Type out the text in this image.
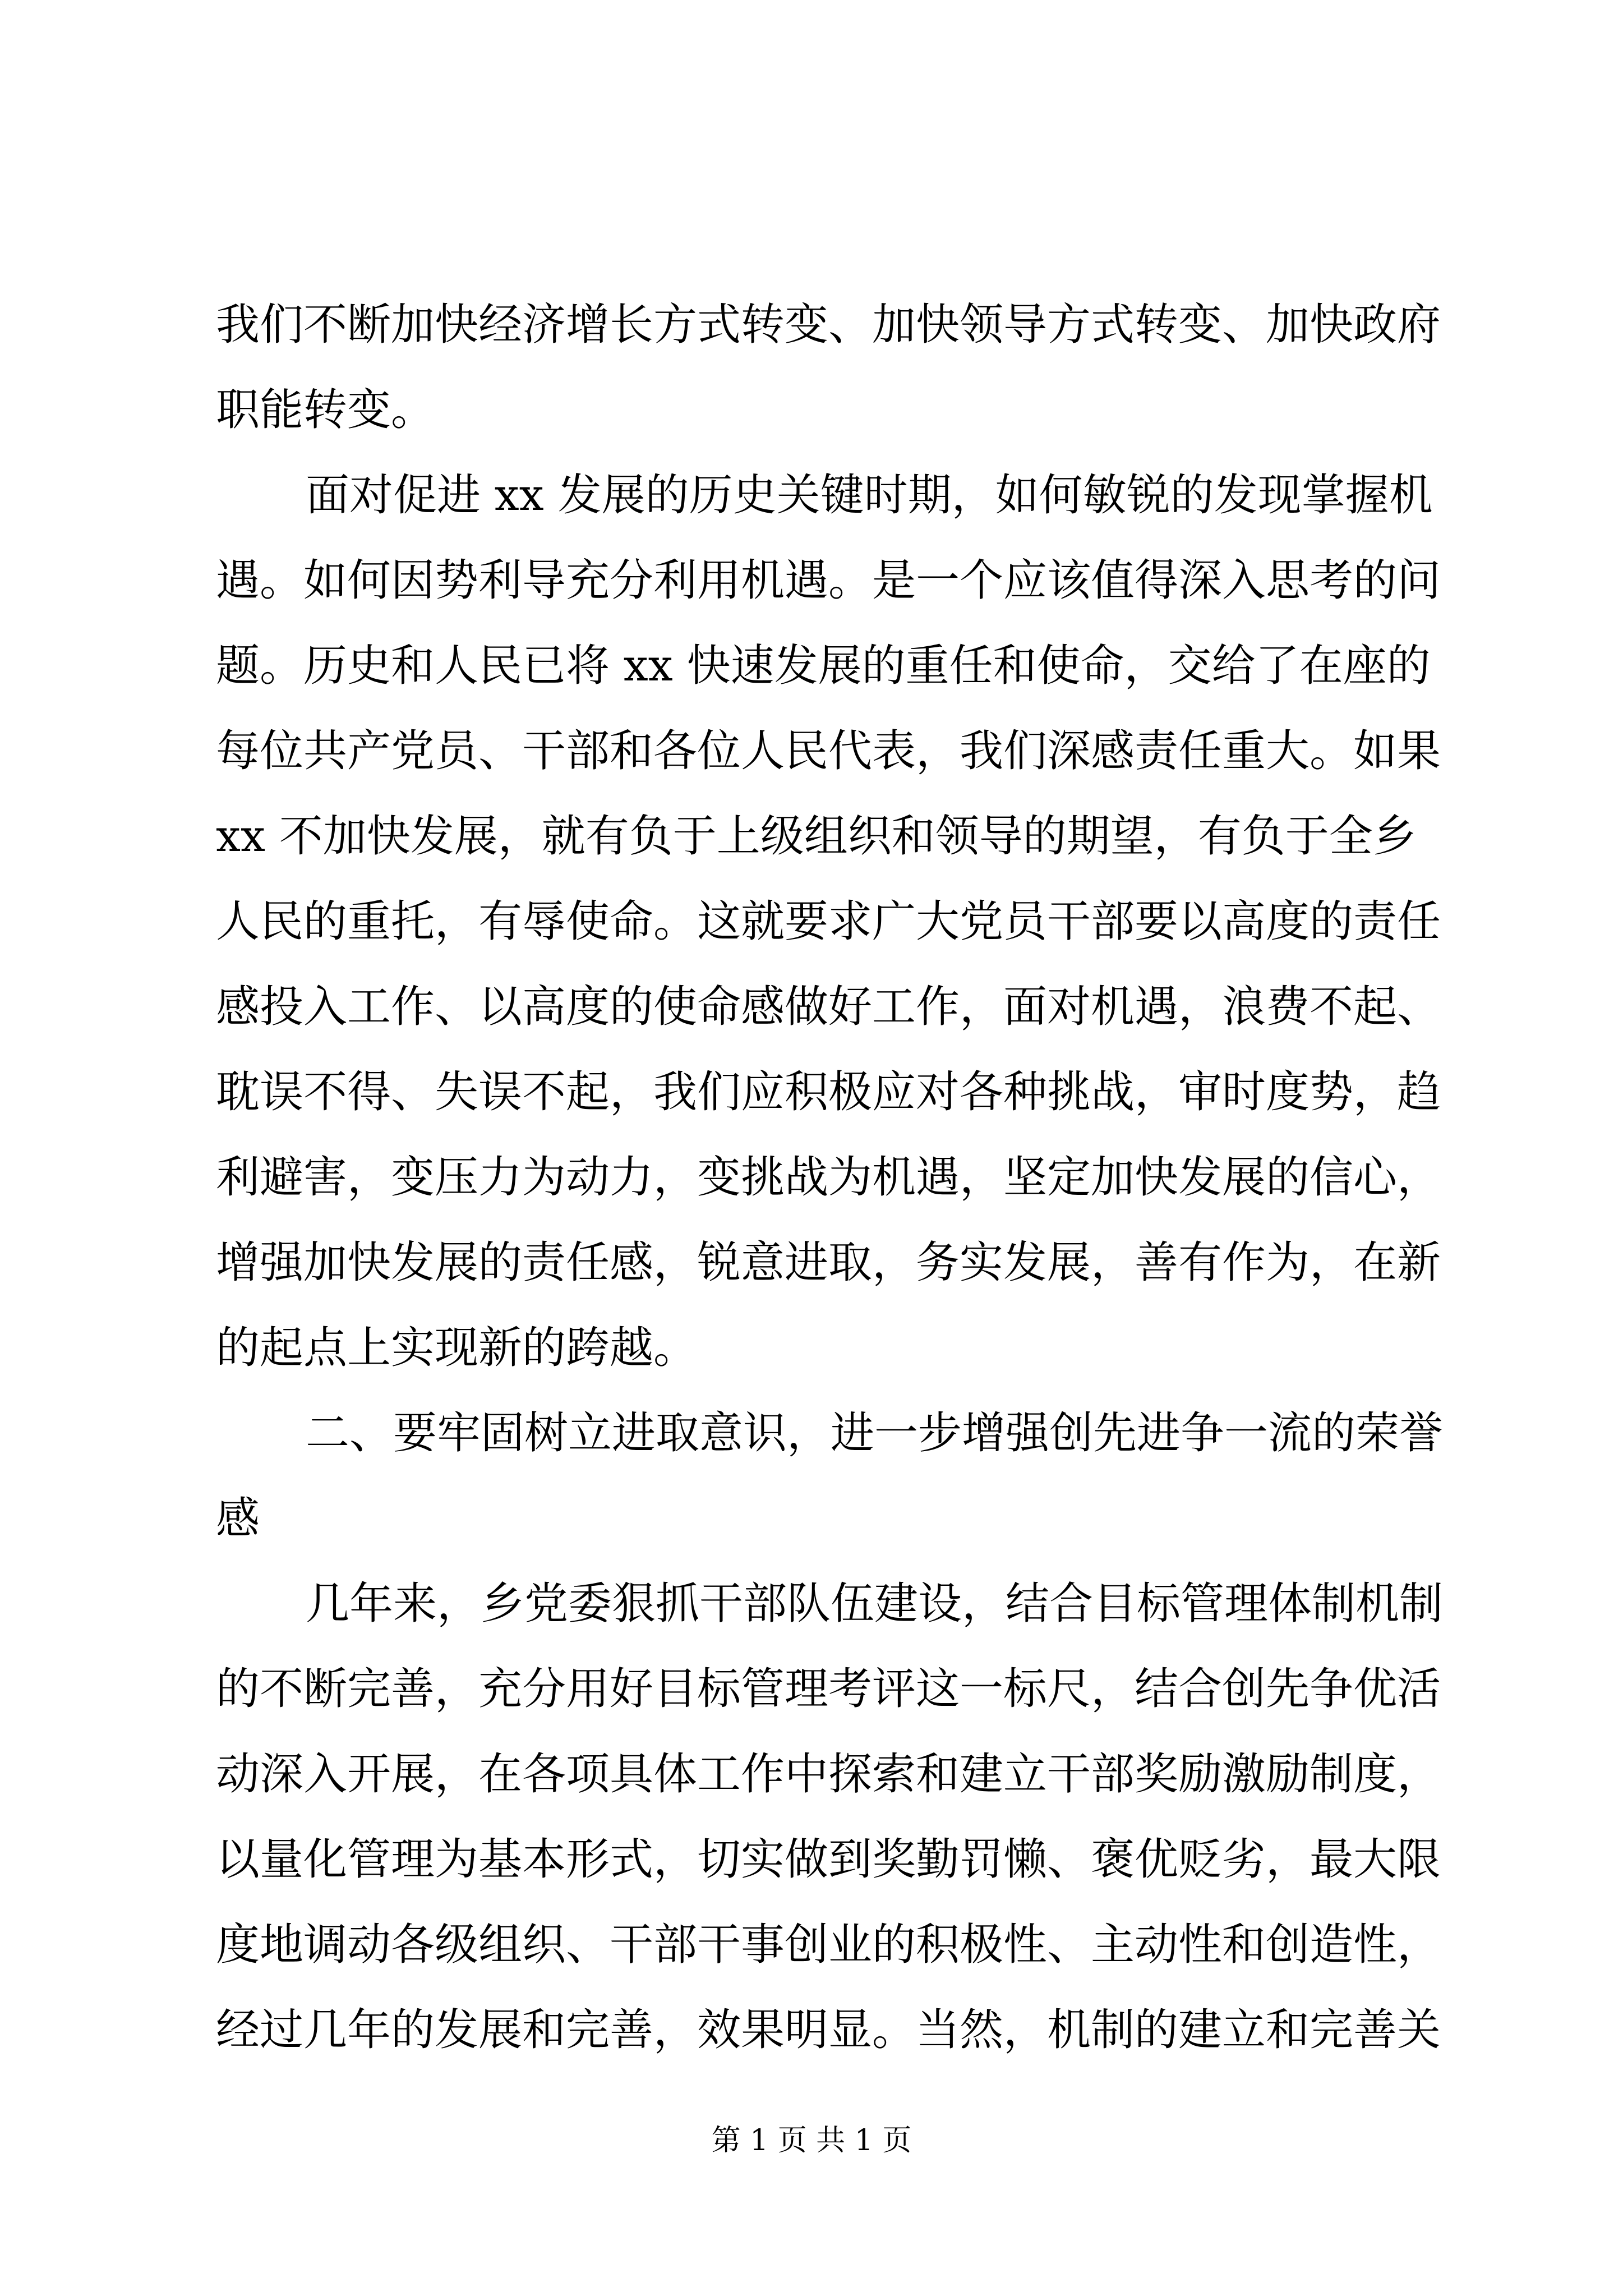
我们不断加快经济增长方式转变、加快领导方式转变、加快政府
职能转变。
面对促进 xx 发展的历史关键时期，如何敏锐的发现掌握机
遇。如何因势利导充分利用机遇。是一个应该值得深入思考的问
题。历史和人民已将 xx 快速发展的重任和使命，交给了在座的
每位共产党员、干部和各位人民代表，我们深感责任重大。如果
xx 不加快发展，就有负于上级组织和领导的期望，有负于全乡
人民的重托，有辱使命。这就要求广大党员干部要以高度的责任
感投入工作、以高度的使命感做好工作，面对机遇，浪费不起、
耽误不得、失误不起，我们应积极应对各种挑战，审时度势，趋
利避害，变压力为动力，变挑战为机遇，坚定加快发展的信心，
增强加快发展的责任感，锐意进取，务实发展，善有作为，在新
的起点上实现新的跨越。
二、要牢固树立进取意识，进一步增强创先进争一流的荣誉
感
几年来，乡党委狠抓干部队伍建设，结合目标管理体制机制
的不断完善，充分用好目标管理考评这一标尺，结合创先争优活
动深入开展，在各项具体工作中探索和建立干部奖励激励制度，
以量化管理为基本形式，切实做到奖勤罚懒、褒优贬劣，最大限
度地调动各级组织、干部干事创业的积极性、主动性和创造性，
经过几年的发展和完善，效果明显。当然，机制的建立和完善关
第 1 页 共 1 页
